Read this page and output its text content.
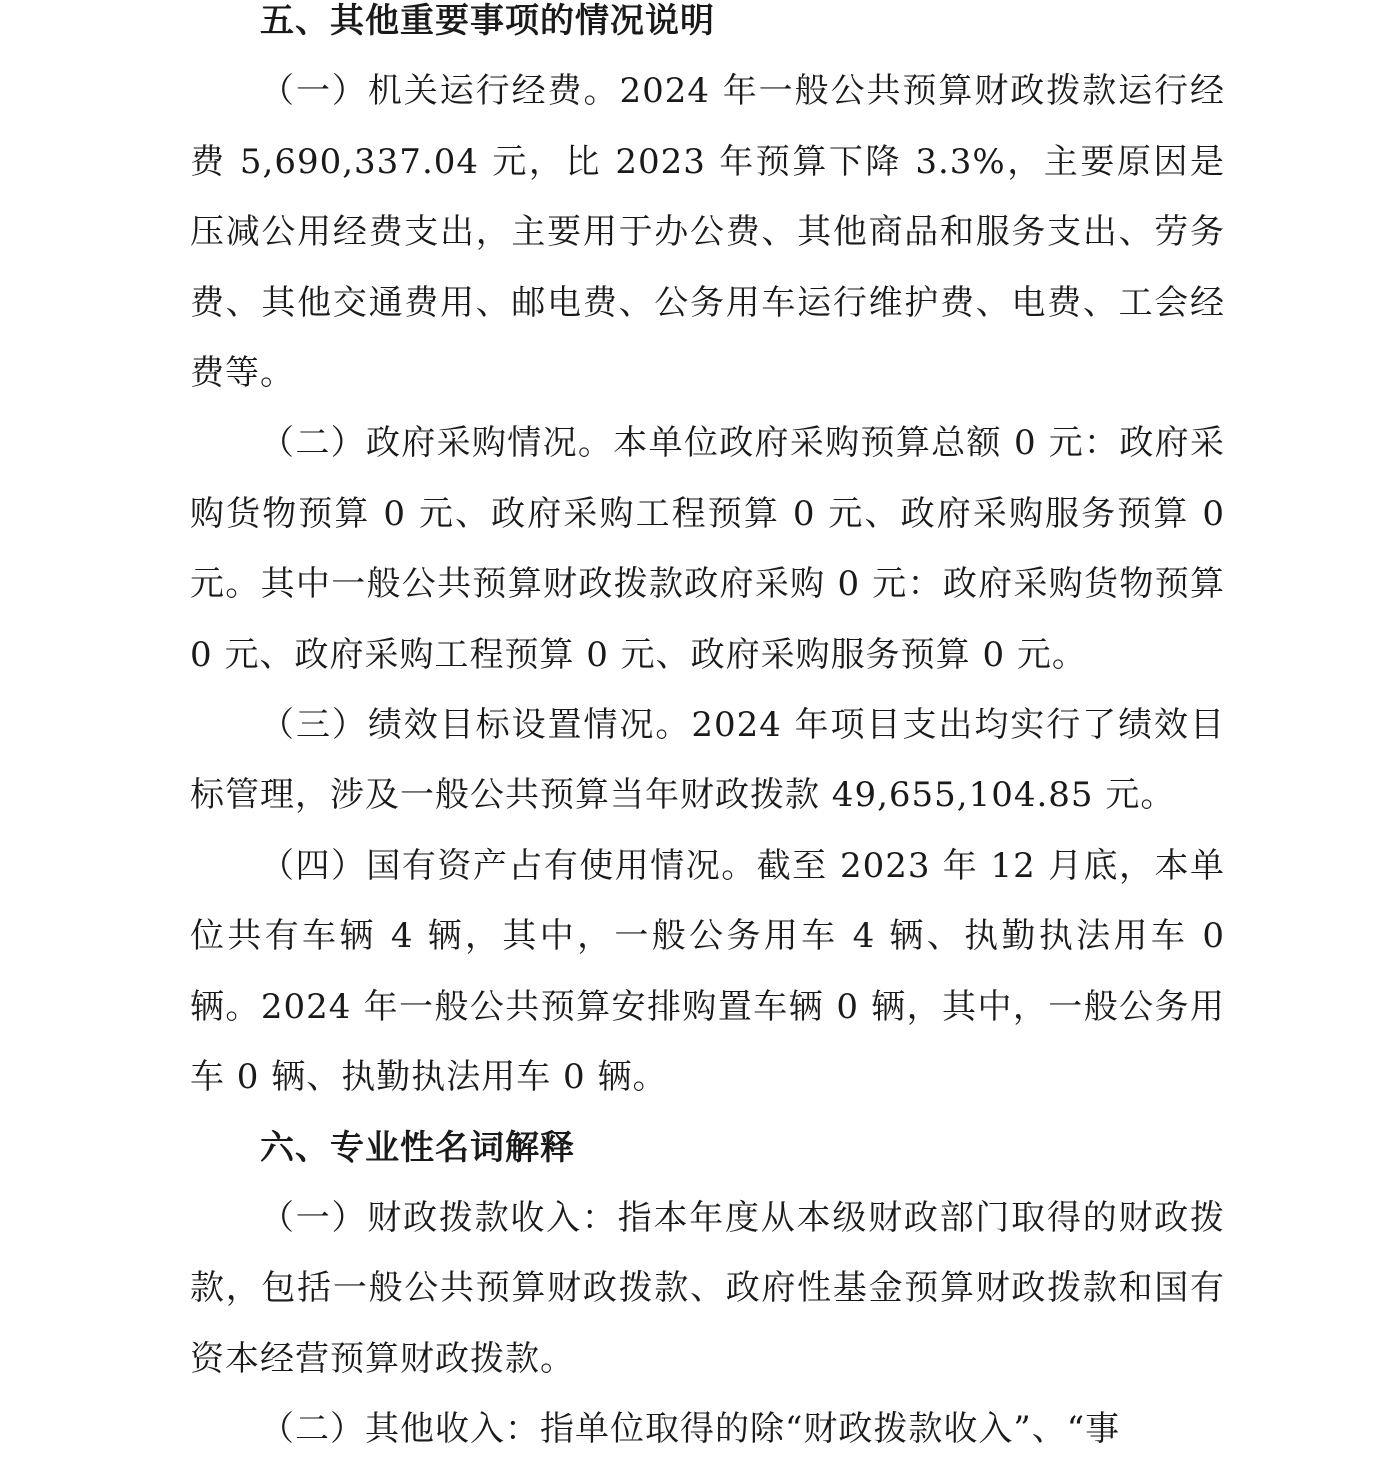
五、其他重要事项的情况说明

（一）机关运行经费。2024 年一般公共预算财政拨款运行经费 5,690,337.04 元，比 2023 年预算下降 3.3%，主要原因是压减公用经费支出，主要用于办公费、其他商品和服务支出、劳务费、其他交通费用、邮电费、公务用车运行维护费、电费、工会经费等。

（二）政府采购情况。本单位政府采购预算总额 0 元：政府采购货物预算 0 元、政府采购工程预算 0 元、政府采购服务预算 0 元。其中一般公共预算财政拨款政府采购 0 元：政府采购货物预算 0 元、政府采购工程预算 0 元、政府采购服务预算 0 元。

（三）绩效目标设置情况。2024 年项目支出均实行了绩效目标管理，涉及一般公共预算当年财政拨款 49,655,104.85 元。

（四）国有资产占有使用情况。截至 2023 年 12 月底，本单位共有车辆 4 辆，其中，一般公务用车 4 辆、执勤执法用车 0 辆。2024 年一般公共预算安排购置车辆 0 辆，其中，一般公务用车 0 辆、执勤执法用车 0 辆。

六、专业性名词解释

（一）财政拨款收入：指本年度从本级财政部门取得的财政拨款，包括一般公共预算财政拨款、政府性基金预算财政拨款和国有资本经营预算财政拨款。

（二）其他收入：指单位取得的除“财政拨款收入”、“事
